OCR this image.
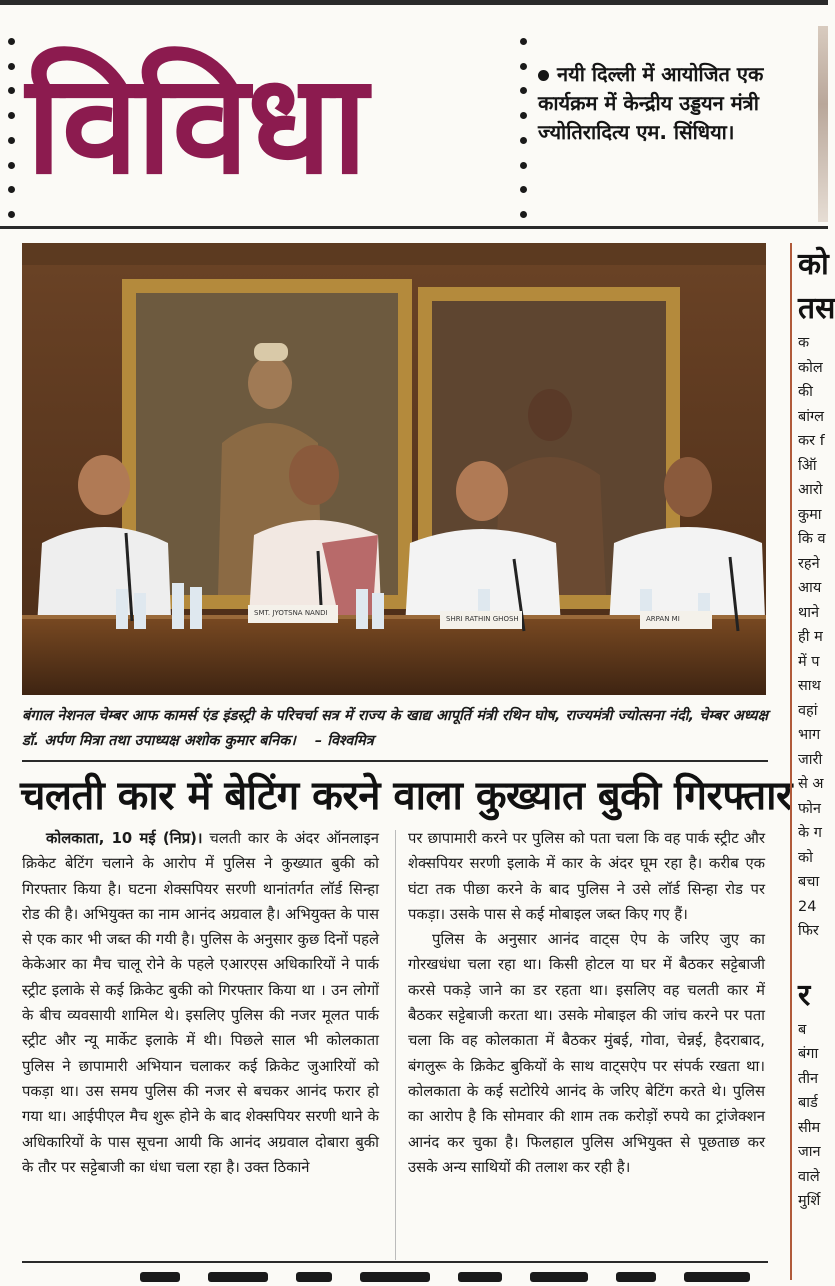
विविधा	नयी दिल्ली में आयोजित एक कार्यक्रम में केन्द्रीय उड्डयन मंत्री ज्योतिरादित्य एम. सिंधिया।
SMT. JYOTSNA NANDI
SHRI RATHIN GHOSH	ARPAN MI
बंगाल नेशनल चेम्बर आफ कामर्स एंड इंडस्ट्री के परिचर्चा सत्र में राज्य के खाद्य आपूर्ति मंत्री रथिन घोष, राज्यमंत्री ज्योत्सना नंदी, चेम्बर अध्यक्ष डॉ. अर्पण मित्रा तथा उपाध्यक्ष अशोक कुमार बनिक। – विश्वमित्र
चलती कार में बेटिंग करने वाला कुख्यात बुकी गिरफ्तार

कोलकाता, 10 मई (निप्र)। चलती कार के अंदर ऑनलाइन क्रिकेट बेटिंग चलाने के आरोप में पुलिस ने कुख्यात बुकी को गिरफ्तार किया है। घटना शेक्सपियर सरणी थानांतर्गत लॉर्ड सिन्हा रोड की है। अभियुक्त का नाम आनंद अग्रवाल है। अभियुक्त के पास से एक कार भी जब्त की गयी है। पुलिस के अनुसार कुछ दिनों पहले केकेआर का मैच चालू रोने के पहले एआरएस अधिकारियों ने पार्क स्ट्रीट इलाके से कई क्रिकेट बुकी को गिरफ्तार किया था । उन लोगों के बीच व्यवसायी शामिल थे। इसलिए पुलिस की नजर मूलत पार्क स्ट्रीट और न्यू मार्केट इलाके में थी। पिछले साल भी कोलकाता पुलिस ने छापामारी अभियान चलाकर कई क्रिकेट जुआरियों को पकड़ा था। उस समय पुलिस की नजर से बचकर आनंद फरार हो गया था। आईपीएल मैच शुरू होने के बाद शेक्सपियर सरणी थाने के अधिकारियों के पास सूचना आयी कि आनंद अग्रवाल दोबारा बुकी के तौर पर सट्टेबाजी का धंधा चला रहा है। उक्त ठिकाने

पर छापामारी करने पर पुलिस को पता चला कि वह पार्क स्ट्रीट और शेक्सपियर सरणी इलाके में कार के अंदर घूम रहा है। करीब एक घंटा तक पीछा करने के बाद पुलिस ने उसे लॉर्ड सिन्हा रोड पर पकड़ा। उसके पास से कई मोबाइल जब्त किए गए हैं।

पुलिस के अनुसार आनंद वाट्स ऐप के जरिए जुए का गोरखधंधा चला रहा था। किसी होटल या घर में बैठकर सट्टेबाजी करसे पकड़े जाने का डर रहता था। इसलिए वह चलती कार में बैठकर सट्टेबाजी करता था। उसके मोबाइल की जांच करने पर पता चला कि वह कोलकाता में बैठकर मुंबई, गोवा, चेन्नई, हैदराबाद, बंगलुरू के क्रिकेट बुकियों के साथ वाट्सऐप पर संपर्क रखता था। कोलकाता के कई सटोरिये आनंद के जरिए बेटिंग करते थे। पुलिस का आरोप है कि सोमवार की शाम तक करोड़ों रुपये का ट्रांजेक्शन आनंद कर चुका है। फिलहाल पुलिस अभियुक्त से पूछताछ कर उसके अन्य साथियों की तलाश कर रही है।

को
तस
क
कोल
की
बांग्ल
कर f
ऑि
आरो
कुमा
कि व
रहने
आय
थाने
ही म
में प
साथ
वहां
भाग
जारी
से अ
फोन
के ग
को
बचा
24
फिर
र
ब
बंगा
तीन
बार्ड
सीम
जान
वाले
मुर्शि
